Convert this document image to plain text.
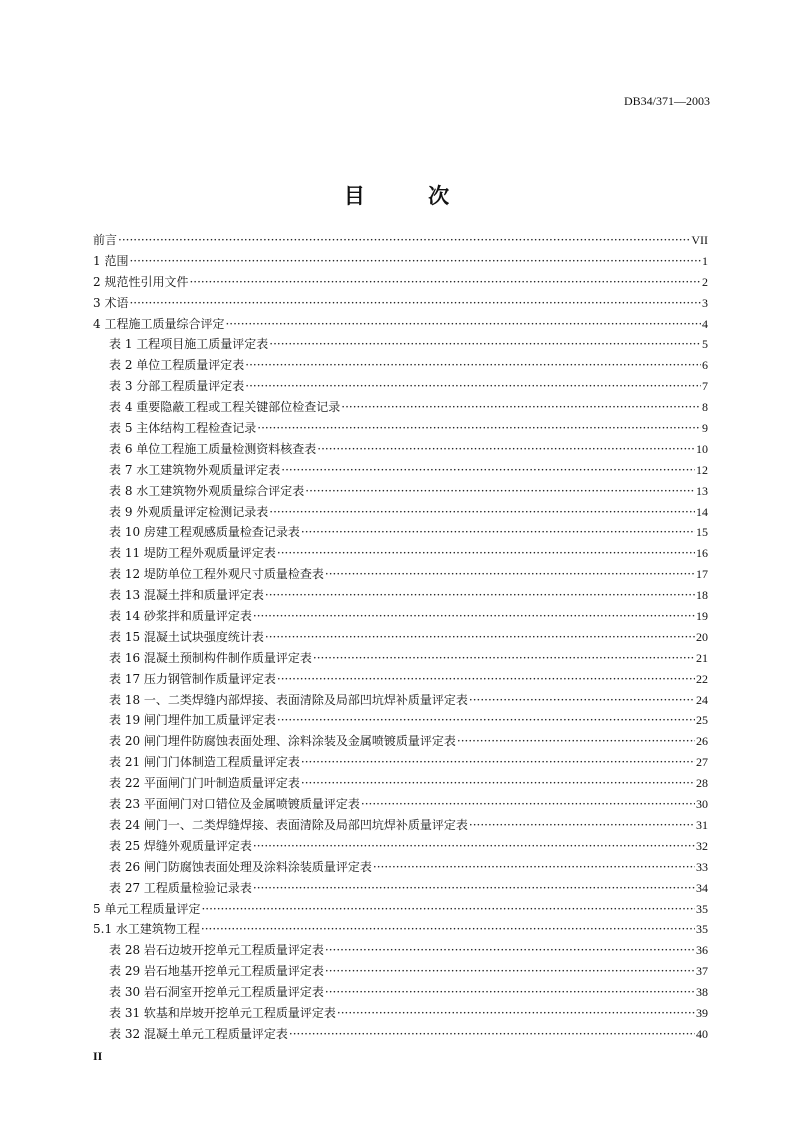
DB34/371—2003
目 次
前言 ·····	VII
1 范围 ·····	1
2 规范性引用文件 ·····	2
3 术语 ·····	3
4 工程施工质量综合评定 ·····	4
表 1 工程项目施工质量评定表 ·····	5
表 2 单位工程质量评定表 ·····	6
表 3 分部工程质量评定表 ·····	7
表 4 重要隐蔽工程或工程关键部位检查记录 ·····	8
表 5 主体结构工程检查记录 ·····	9
表 6 单位工程施工质量检测资料核查表 ·····	10
表 7 水工建筑物外观质量评定表 ·····	12
表 8 水工建筑物外观质量综合评定表 ·····	13
表 9 外观质量评定检测记录表 ·····	14
表 10 房建工程观感质量检查记录表 ·····	15
表 11 堤防工程外观质量评定表 ·····	16
表 12 堤防单位工程外观尺寸质量检查表 ·····	17
表 13 混凝土拌和质量评定表 ·····	18
表 14 砂浆拌和质量评定表 ·····	19
表 15 混凝土试块强度统计表 ·····	20
表 16 混凝土预制构件制作质量评定表 ·····	21
表 17 压力钢管制作质量评定表 ·····	22
表 18 一、二类焊缝内部焊接、表面清除及局部凹坑焊补质量评定表 ·····	24
表 19 闸门埋件加工质量评定表 ·····	25
表 20 闸门埋件防腐蚀表面处理、涂料涂装及金属喷镀质量评定表 ·····	26
表 21 闸门门体制造工程质量评定表 ·····	27
表 22 平面闸门门叶制造质量评定表 ·····	28
表 23 平面闸门对口错位及金属喷镀质量评定表 ·····	30
表 24 闸门一、二类焊缝焊接、表面清除及局部凹坑焊补质量评定表 ·····	31
表 25 焊缝外观质量评定表 ·····	32
表 26 闸门防腐蚀表面处理及涂料涂装质量评定表 ·····	33
表 27 工程质量检验记录表 ·····	34
5 单元工程质量评定 ·····	35
5.1 水工建筑物工程 ·····	35
表 28 岩石边坡开挖单元工程质量评定表 ·····	36
表 29 岩石地基开挖单元工程质量评定表 ·····	37
表 30 岩石洞室开挖单元工程质量评定表 ·····	38
表 31 软基和岸坡开挖单元工程质量评定表 ·····	39
表 32 混凝土单元工程质量评定表 ·····	40
II
